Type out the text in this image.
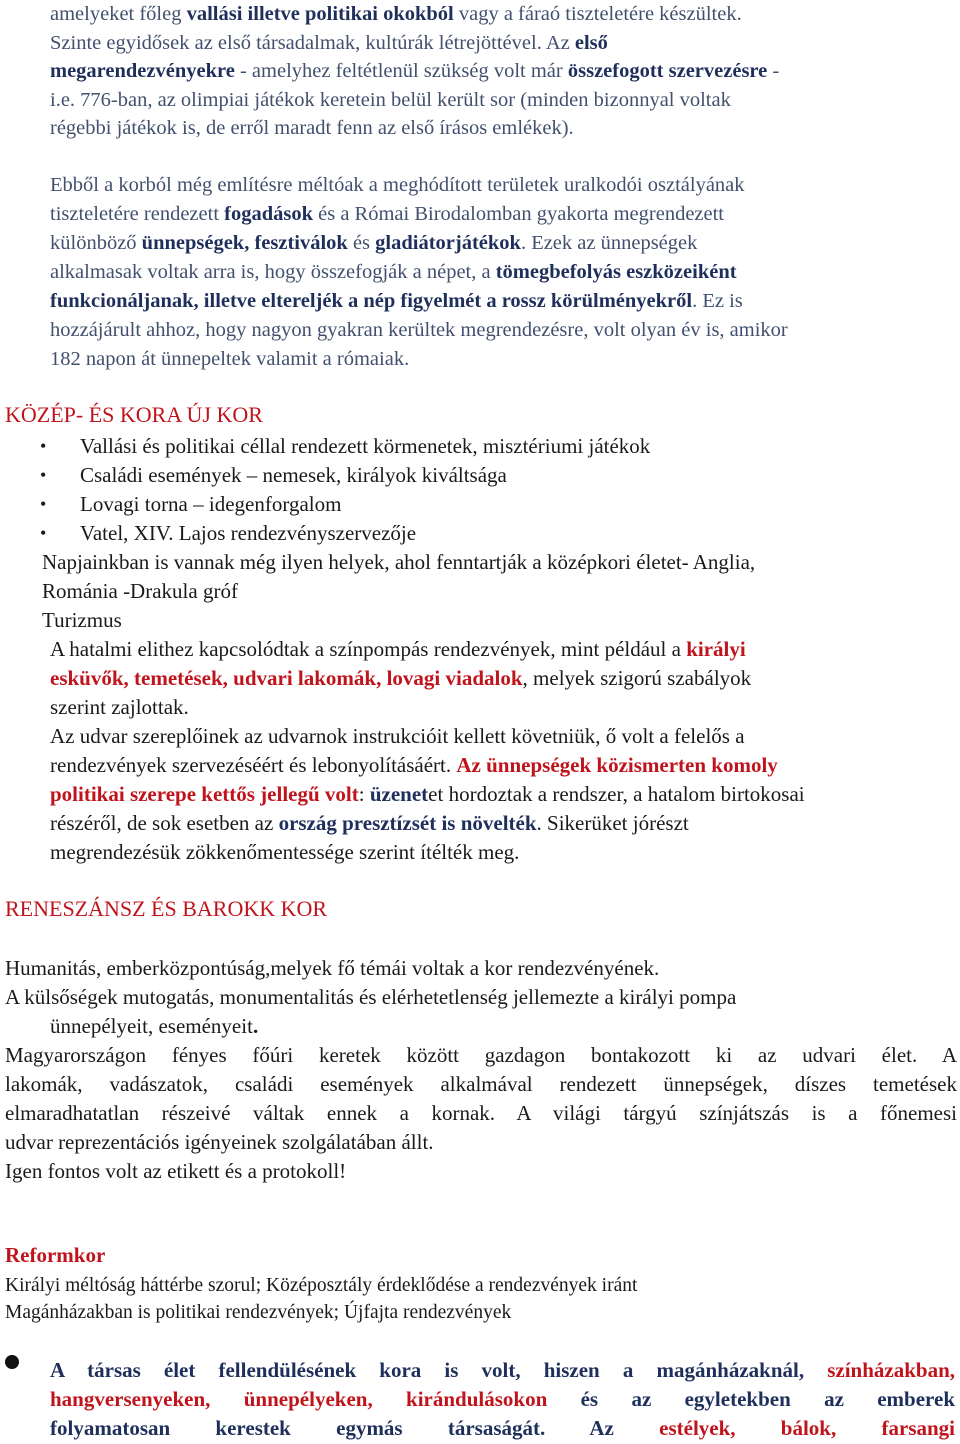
amelyeket főleg vallási illetve politikai okokból vagy a fáraó tiszteletére készültek.
Szinte egyidősek az első társadalmak, kultúrák létrejöttével. Az első
megarendezvényekre - amelyhez feltétlenül szükség volt már összefogott szervezésre -
i.e. 776-ban, az olimpiai játékok keretein belül került sor (minden bizonnyal voltak
régebbi játékok is, de erről maradt fenn az első írásos emlékek).
Ebből a korból még említésre méltóak a meghódított területek uralkodói osztályának
tiszteletére rendezett fogadások és a Római Birodalomban gyakorta megrendezett
különböző ünnepségek, fesztiválok és gladiátorjátékok. Ezek az ünnepségek
alkalmasak voltak arra is, hogy összefogják a népet, a tömegbefolyás eszközeiként
funkcionáljanak, illetve eltereljék a nép figyelmét a rossz körülményekről. Ez is
hozzájárult ahhoz, hogy nagyon gyakran kerültek megrendezésre, volt olyan év is, amikor
182 napon át ünnepeltek valamit a rómaiak.
KÖZÉP- ÉS KORA ÚJ KOR
• Vallási és politikai céllal rendezett körmenetek, misztériumi játékok
• Családi események – nemesek, királyok kiváltsága
• Lovagi torna – idegenforgalom
• Vatel, XIV. Lajos rendezvényszervezője
Napjainkban is vannak még ilyen helyek, ahol fenntartják a középkori életet- Anglia,
Románia -Drakula gróf
Turizmus
A hatalmi elithez kapcsolódtak a színpompás rendezvények, mint például a királyi
esküvők, temetések, udvari lakomák, lovagi viadalok, melyek szigorú szabályok
szerint zajlottak.
Az udvar szereplőinek az udvarnok instrukcióit kellett követniük, ő volt a felelős a
rendezvények szervezéséért és lebonyolításáért. Az ünnepségek közismerten komoly
politikai szerepe kettős jellegű volt: üzenetet hordoztak a rendszer, a hatalom birtokosai
részéről, de sok esetben az ország presztízsét is növelték. Sikerüket jórészt
megrendezésük zökkenőmentessége szerint ítélték meg.
RENESZÁNSZ ÉS BAROKK KOR
Humanitás, emberközpontúság,melyek fő témái voltak a kor rendezvényének.
A külsőségek mutogatás, monumentalitás és elérhetetlenség jellemezte a királyi pompa
ünnepélyeit, eseményeit.
Magyarországon fényes főúri keretek között gazdagon bontakozott ki az udvari élet. A
lakomák, vadászatok, családi események alkalmával rendezett ünnepségek, díszes temetések
elmaradhatatlan részeivé váltak ennek a kornak. A világi tárgyú színjátszás is a főnemesi
udvar reprezentációs igényeinek szolgálatában állt.
Igen fontos volt az etikett és a protokoll!
Reformkor
Királyi méltóság háttérbe szorul; Középosztály érdeklődése a rendezvények iránt
Magánházakban is politikai rendezvények; Újfajta rendezvények
A társas élet fellendülésének kora is volt, hiszen a magánházaknál, színházakban,
hangversenyeken, ünnepélyeken, kirándulásokon és az egyletekben az emberek
folyamatosan kerestek egymás társaságát. Az estélyek, bálok, farsangi
